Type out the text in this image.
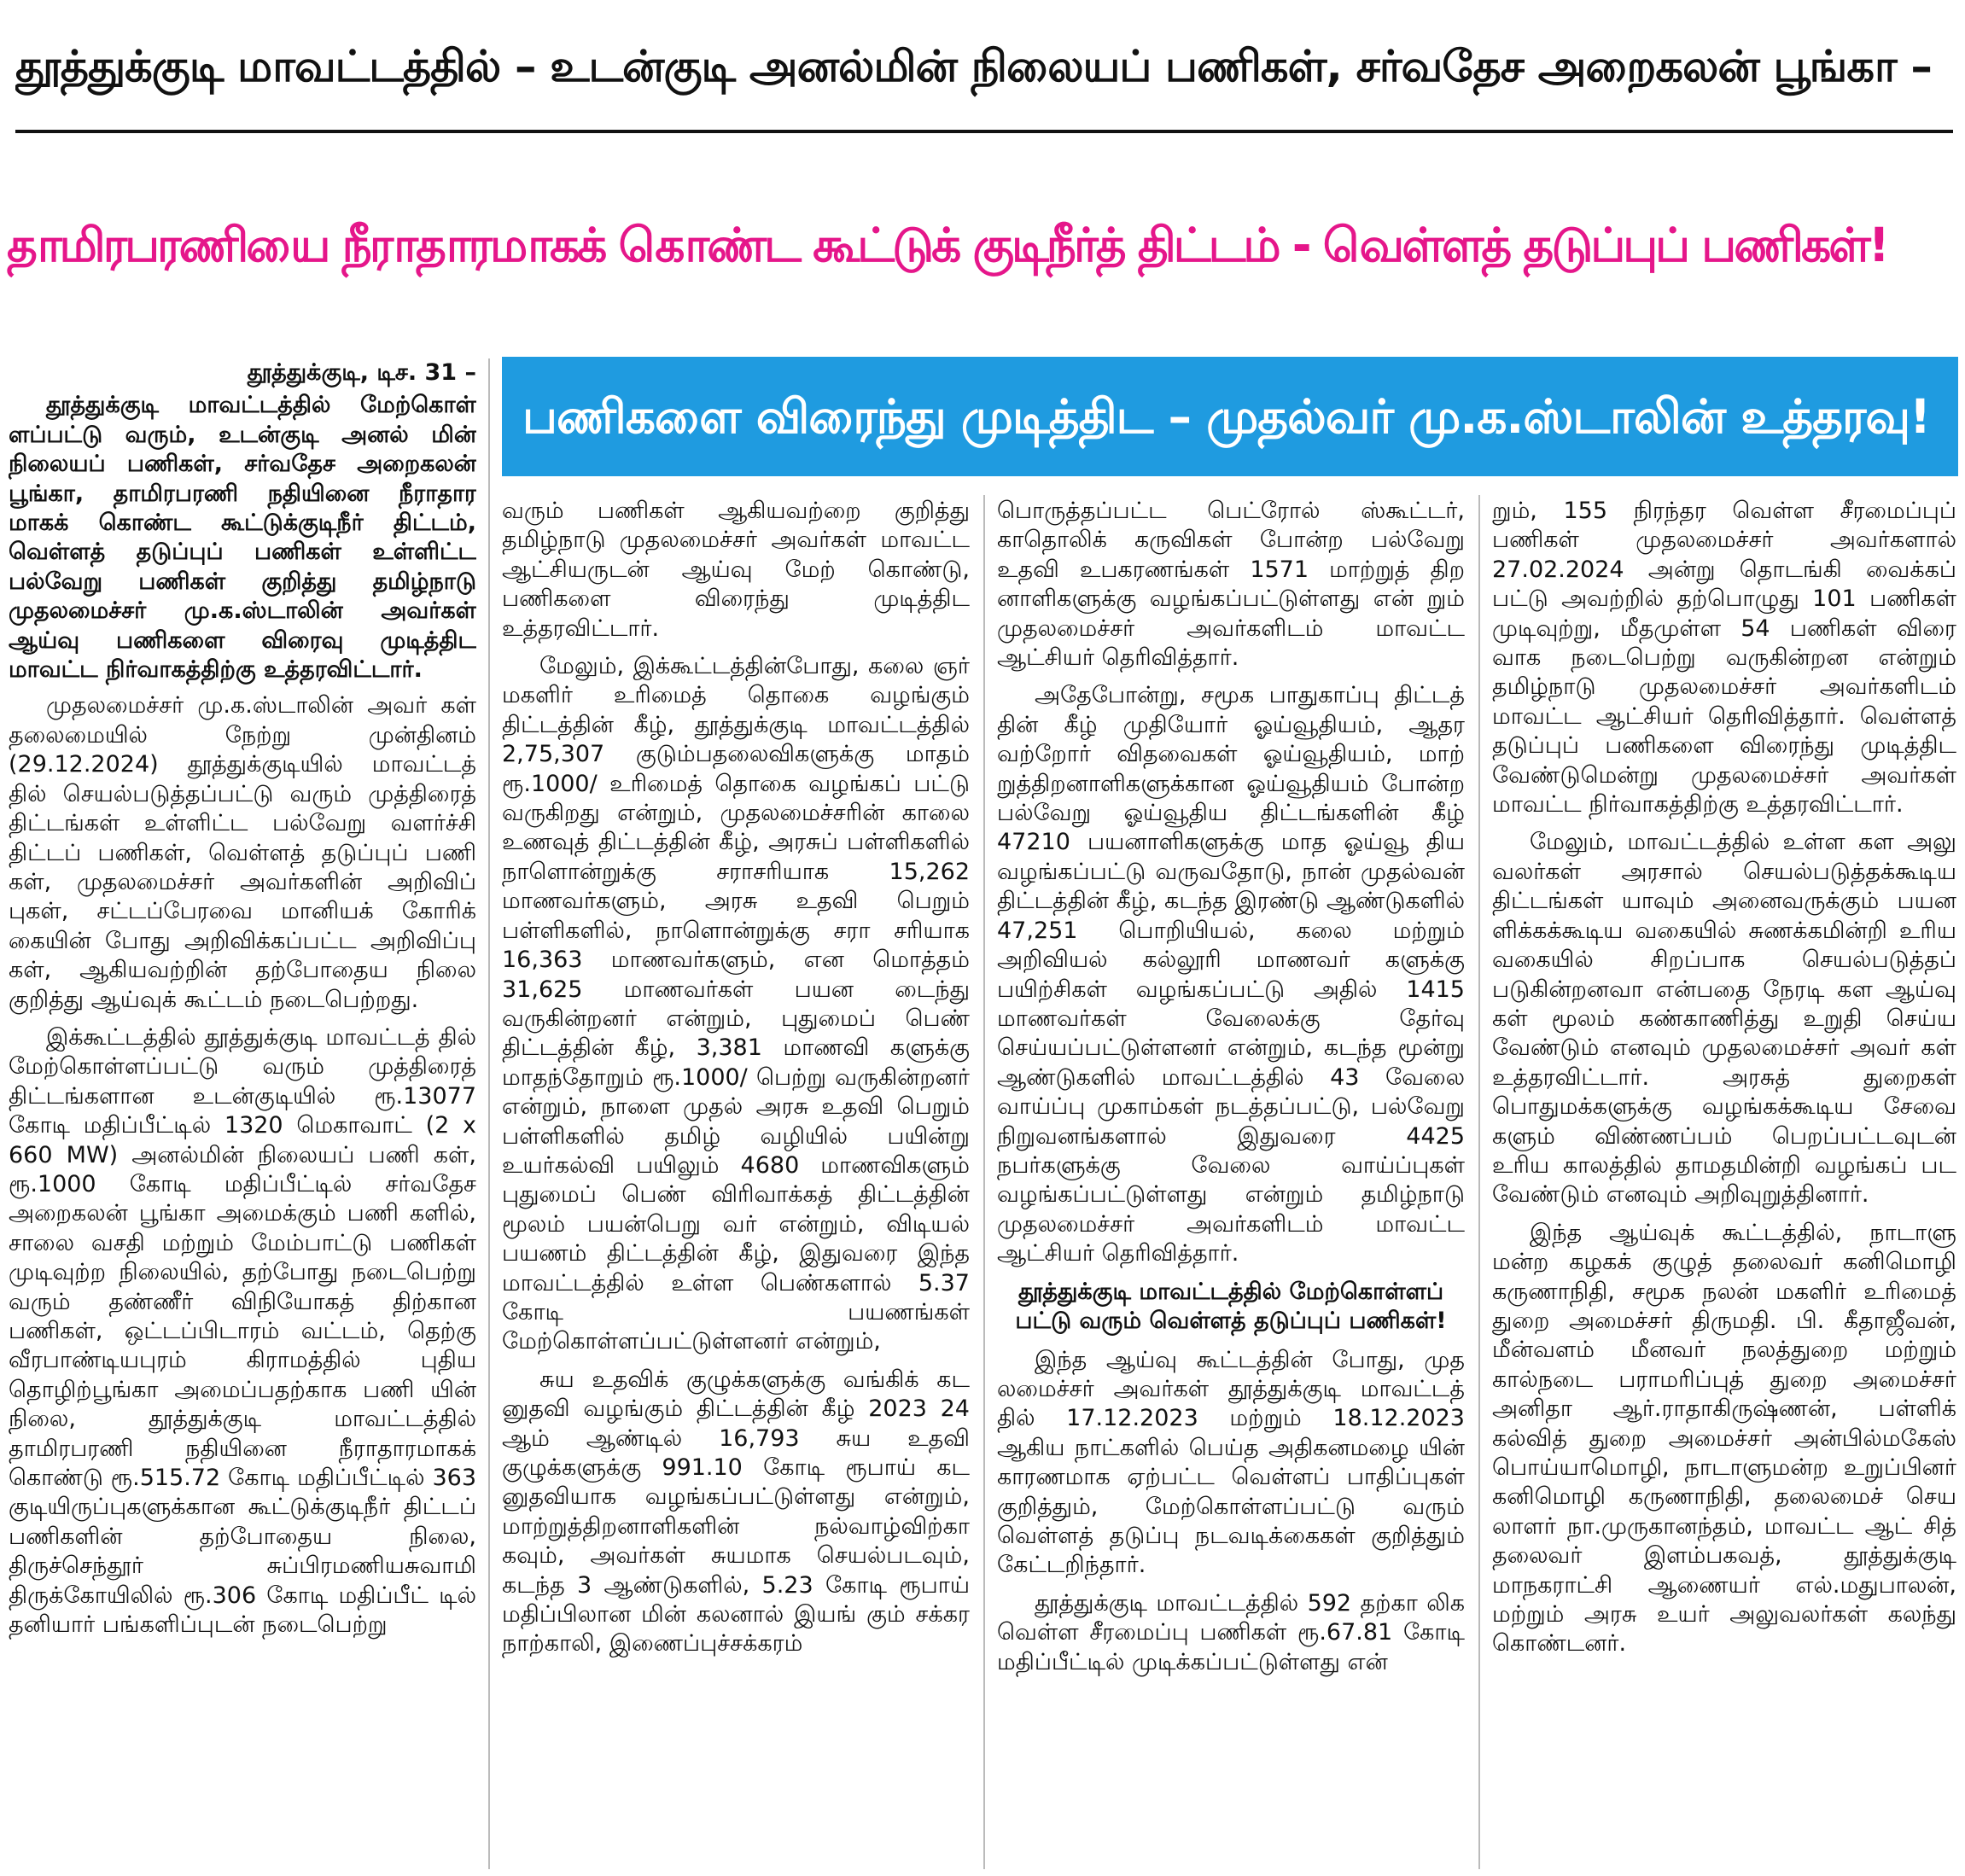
தூத்துக்குடி மாவட்டத்தில் – உடன்குடி அனல்மின் நிலையப் பணிகள், சர்வதேச அறைகலன் பூங்கா –
தாமிரபரணியை நீராதாரமாகக் கொண்ட கூட்டுக் குடிநீர்த் திட்டம் - வெள்ளத் தடுப்புப் பணிகள்!
பணிகளை விரைந்து முடித்திட – முதல்வர் மு.க.ஸ்டாலின் உத்தரவு!
தூத்துக்குடி, டிச. 31 –
தூத்துக்குடி மாவட்டத்தில் மேற்கொள் ளப்பட்டு வரும், உடன்குடி அனல் மின் நிலையப் பணிகள், சர்வதேச அறைகலன் பூங்கா, தாமிரபரணி நதியினை நீராதார மாகக் கொண்ட கூட்டுக்குடிநீர் திட்டம், வெள்ளத் தடுப்புப் பணிகள் உள்ளிட்ட பல்வேறு பணிகள் குறித்து தமிழ்நாடு முதலமைச்சர் மு.க.ஸ்டாலின் அவர்கள் ஆய்வு பணிகளை விரைவு முடித்திட மாவட்ட நிர்வாகத்திற்கு உத்தரவிட்டார்.

முதலமைச்சர் மு.க.ஸ்டாலின் அவர் கள் தலைமையில் நேற்று முன்தினம் (29.12.2024) தூத்துக்குடியில் மாவட்டத் தில் செயல்படுத்தப்பட்டு வரும் முத்திரைத் திட்டங்கள் உள்ளிட்ட பல்வேறு வளர்ச்சி திட்டப் பணிகள், வெள்ளத் தடுப்புப் பணி கள், முதலமைச்சர் அவர்களின் அறிவிப் புகள், சட்டப்பேரவை மானியக் கோரிக் கையின் போது அறிவிக்கப்பட்ட அறிவிப்பு கள், ஆகியவற்றின் தற்போதைய நிலை குறித்து ஆய்வுக் கூட்டம் நடைபெற்றது.

இக்கூட்டத்தில் தூத்துக்குடி மாவட்டத் தில் மேற்கொள்ளப்பட்டு வரும் முத்திரைத் திட்டங்களான உடன்குடியில் ரூ.13077 கோடி மதிப்பீட்டில் 1320 மெகாவாட் (2 x 660 MW) அனல்மின் நிலையப் பணி கள், ரூ.1000 கோடி மதிப்பீட்டில் சர்வதேச அறைகலன் பூங்கா அமைக்கும் பணி களில், சாலை வசதி மற்றும் மேம்பாட்டு பணிகள் முடிவுற்ற நிலையில், தற்போது நடைபெற்று வரும் தண்ணீர் விநியோகத் திற்கான பணிகள், ஒட்டப்பிடாரம் வட்டம், தெற்கு வீரபாண்டியபுரம் கிராமத்தில் புதிய தொழிற்பூங்கா அமைப்பதற்காக பணி யின் நிலை, தூத்துக்குடி மாவட்டத்தில் தாமிரபரணி நதியினை நீராதாரமாகக் கொண்டு ரூ.515.72 கோடி மதிப்பீட்டில் 363 குடியிருப்புகளுக்கான கூட்டுக்குடிநீர் திட்டப் பணிகளின் தற்போதைய நிலை, திருச்செந்தூர் சுப்பிரமணியசுவாமி திருக்கோயிலில் ரூ.306 கோடி மதிப்பீட் டில் தனியார் பங்களிப்புடன் நடைபெற்று

வரும் பணிகள் ஆகியவற்றை குறித்து தமிழ்நாடு முதலமைச்சர் அவர்கள் மாவட்ட ஆட்சியருடன் ஆய்வு மேற் கொண்டு, பணிகளை விரைந்து முடித்திட உத்தரவிட்டார்.

மேலும், இக்கூட்டத்தின்போது, கலை ஞர் மகளிர் உரிமைத் தொகை வழங்கும் திட்டத்தின் கீழ், தூத்துக்குடி மாவட்டத்தில் 2,75,307 குடும்பதலைவிகளுக்கு மாதம் ரூ.1000/ உரிமைத் தொகை வழங்கப் பட்டு வருகிறது என்றும், முதலமைச்சரின் காலை உணவுத் திட்டத்தின் கீழ், அரசுப் பள்ளிகளில் நாளொன்றுக்கு சராசரியாக 15,262 மாணவர்களும், அரசு உதவி பெறும் பள்ளிகளில், நாளொன்றுக்கு சரா சரியாக 16,363 மாணவர்களும், என மொத்தம் 31,625 மாணவர்கள் பயன டைந்து வருகின்றனர் என்றும், புதுமைப் பெண் திட்டத்தின் கீழ், 3,381 மாணவி களுக்கு மாதந்தோறும் ரூ.1000/ பெற்று வருகின்றனர் என்றும், நாளை முதல் அரசு உதவி பெறும் பள்ளிகளில் தமிழ் வழியில் பயின்று உயர்கல்வி பயிலும் 4680 மாணவிகளும் புதுமைப் பெண் விரிவாக்கத் திட்டத்தின் மூலம் பயன்பெறு வர் என்றும், விடியல் பயணம் திட்டத்தின் கீழ், இதுவரை இந்த மாவட்டத்தில் உள்ள பெண்களால் 5.37 கோடி பயணங்கள் மேற்கொள்ளப்பட்டுள்ளனர் என்றும்,

சுய உதவிக் குழுக்களுக்கு வங்கிக் கட னுதவி வழங்கும் திட்டத்தின் கீழ் 2023 24 ஆம் ஆண்டில் 16,793 சுய உதவி குழுக்களுக்கு 991.10 கோடி ரூபாய் கட னுதவியாக வழங்கப்பட்டுள்ளது என்றும், மாற்றுத்திறனாளிகளின் நல்வாழ்விற்கா கவும், அவர்கள் சுயமாக செயல்படவும், கடந்த 3 ஆண்டுகளில், 5.23 கோடி ரூபாய் மதிப்பிலான மின் கலனால் இயங் கும் சக்கர நாற்காலி, இணைப்புச்சக்கரம்

பொருத்தப்பட்ட பெட்ரோல் ஸ்கூட்டர், காதொலிக் கருவிகள் போன்ற பல்வேறு உதவி உபகரணங்கள் 1571 மாற்றுத் திற னாளிகளுக்கு வழங்கப்பட்டுள்ளது என் றும் முதலமைச்சர் அவர்களிடம் மாவட்ட ஆட்சியர் தெரிவித்தார்.

அதேபோன்று, சமூக பாதுகாப்பு திட்டத் தின் கீழ் முதியோர் ஓய்வூதியம், ஆதர வற்றோர் விதவைகள் ஓய்வூதியம், மாற் றுத்திறனாளிகளுக்கான ஓய்வூதியம் போன்ற பல்வேறு ஓய்வூதிய திட்டங்களின் கீழ் 47210 பயனாளிகளுக்கு மாத ஓய்வூ திய வழங்கப்பட்டு வருவதோடு, நான் முதல்வன் திட்டத்தின் கீழ், கடந்த இரண்டு ஆண்டுகளில் 47,251 பொறியியல், கலை மற்றும் அறிவியல் கல்லூரி மாணவர் களுக்கு பயிற்சிகள் வழங்கப்பட்டு அதில் 1415 மாணவர்கள் வேலைக்கு தேர்வு செய்யப்பட்டுள்ளனர் என்றும், கடந்த மூன்று ஆண்டுகளில் மாவட்டத்தில் 43 வேலை வாய்ப்பு முகாம்கள் நடத்தப்பட்டு, பல்வேறு நிறுவனங்களால் இதுவரை 4425 நபர்களுக்கு வேலை வாய்ப்புகள் வழங்கப்பட்டுள்ளது என்றும் தமிழ்நாடு முதலமைச்சர் அவர்களிடம் மாவட்ட ஆட்சியர் தெரிவித்தார்.

தூத்துக்குடி மாவட்டத்தில் மேற்கொள்ளப் பட்டு வரும் வெள்ளத் தடுப்புப் பணிகள்!

இந்த ஆய்வு கூட்டத்தின் போது, முத லமைச்சர் அவர்கள் தூத்துக்குடி மாவட்டத் தில் 17.12.2023 மற்றும் 18.12.2023 ஆகிய நாட்களில் பெய்த அதிகனமழை யின் காரணமாக ஏற்பட்ட வெள்ளப் பாதிப்புகள் குறித்தும், மேற்கொள்ளப்பட்டு வரும் வெள்ளத் தடுப்பு நடவடிக்கைகள் குறித்தும் கேட்டறிந்தார்.

தூத்துக்குடி மாவட்டத்தில் 592 தற்கா லிக வெள்ள சீரமைப்பு பணிகள் ரூ.67.81 கோடி மதிப்பீட்டில் முடிக்கப்பட்டுள்ளது என்

றும், 155 நிரந்தர வெள்ள சீரமைப்புப் பணிகள் முதலமைச்சர் அவர்களால் 27.02.2024 அன்று தொடங்கி வைக்கப் பட்டு அவற்றில் தற்பொழுது 101 பணிகள் முடிவுற்று, மீதமுள்ள 54 பணிகள் விரை வாக நடைபெற்று வருகின்றன என்றும் தமிழ்நாடு முதலமைச்சர் அவர்களிடம் மாவட்ட ஆட்சியர் தெரிவித்தார். வெள்ளத் தடுப்புப் பணிகளை விரைந்து முடித்திட வேண்டுமென்று முதலமைச்சர் அவர்கள் மாவட்ட நிர்வாகத்திற்கு உத்தரவிட்டார்.

மேலும், மாவட்டத்தில் உள்ள கள அலு வலர்கள் அரசால் செயல்படுத்தக்கூடிய திட்டங்கள் யாவும் அனைவருக்கும் பயன ளிக்கக்கூடிய வகையில் சுணக்கமின்றி உரிய வகையில் சிறப்பாக செயல்படுத்தப் படுகின்றனவா என்பதை நேரடி கள ஆய்வு கள் மூலம் கண்காணித்து உறுதி செய்ய வேண்டும் எனவும் முதலமைச்சர் அவர் கள் உத்தரவிட்டார். அரசுத் துறைகள் பொதுமக்களுக்கு வழங்கக்கூடிய சேவை களும் விண்ணப்பம் பெறப்பட்டவுடன் உரிய காலத்தில் தாமதமின்றி வழங்கப் பட வேண்டும் எனவும் அறிவுறுத்தினார்.

இந்த ஆய்வுக் கூட்டத்தில், நாடாளு மன்ற கழகக் குழுத் தலைவர் கனிமொழி கருணாநிதி, சமூக நலன் மகளிர் உரிமைத் துறை அமைச்சர் திருமதி. பி. கீதாஜீவன், மீன்வளம் மீனவர் நலத்துறை மற்றும் கால்நடை பராமரிப்புத் துறை அமைச்சர் அனிதா ஆர்.ராதாகிருஷ்ணன், பள்ளிக் கல்வித் துறை அமைச்சர் அன்பில்மகேஸ் பொய்யாமொழி, நாடாளுமன்ற உறுப்பினர் கனிமொழி கருணாநிதி, தலைமைச் செய லாளர் நா.முருகானந்தம், மாவட்ட ஆட் சித் தலைவர் இளம்பகவத், தூத்துக்குடி மாநகராட்சி ஆணையர் எல்.மதுபாலன், மற்றும் அரசு உயர் அலுவலர்கள் கலந்து கொண்டனர்.
